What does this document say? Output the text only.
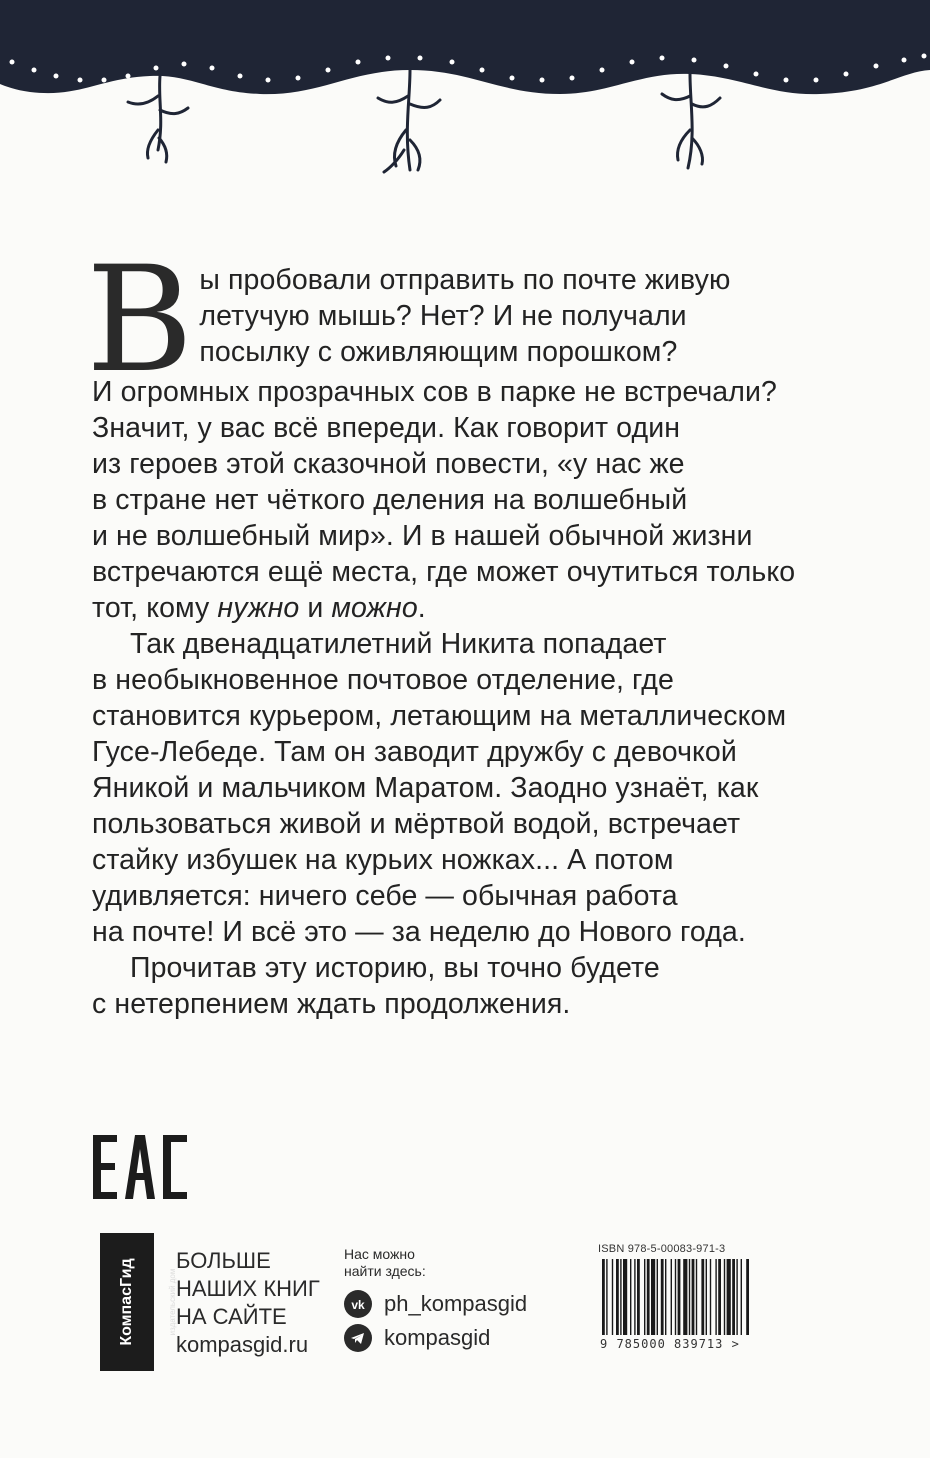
В ы пробовали отправить по почте живую
летучую мышь? Нет? И не получали
посылку с оживляющим порошком?
И огромных прозрачных сов в парке не встречали?
Значит, у вас всё впереди. Как говорит один
из героев этой сказочной повести, «у нас же
в стране нет чёткого деления на волшебный
и не волшебный мир». И в нашей обычной жизни
встречаются ещё места, где может очутиться только
тот, кому нужно и можно.
Так двенадцатилетний Никита попадает
в необыкновенное почтовое отделение, где
становится курьером, летающим на металлическом
Гусе-Лебеде. Там он заводит дружбу с девочкой
Яникой и мальчиком Маратом. Заодно узнаёт, как
пользоваться живой и мёртвой водой, встречает
стайку избушек на курьих ножках... А потом
удивляется: ничего себе — обычная работа
на почте! И всё это — за неделю до Нового года.
Прочитав эту историю, вы точно будете
с нетерпением ждать продолжения.
КомпасГид	издательский дом
БОЛЬШЕ
НАШИХ КНИГ
НА САЙТЕ
kompasgid.ru
Нас можно
найти здесь:
vk ph_kompasgid
kompasgid
ISBN 978-5-00083-971-3
9 785000 839713 >
